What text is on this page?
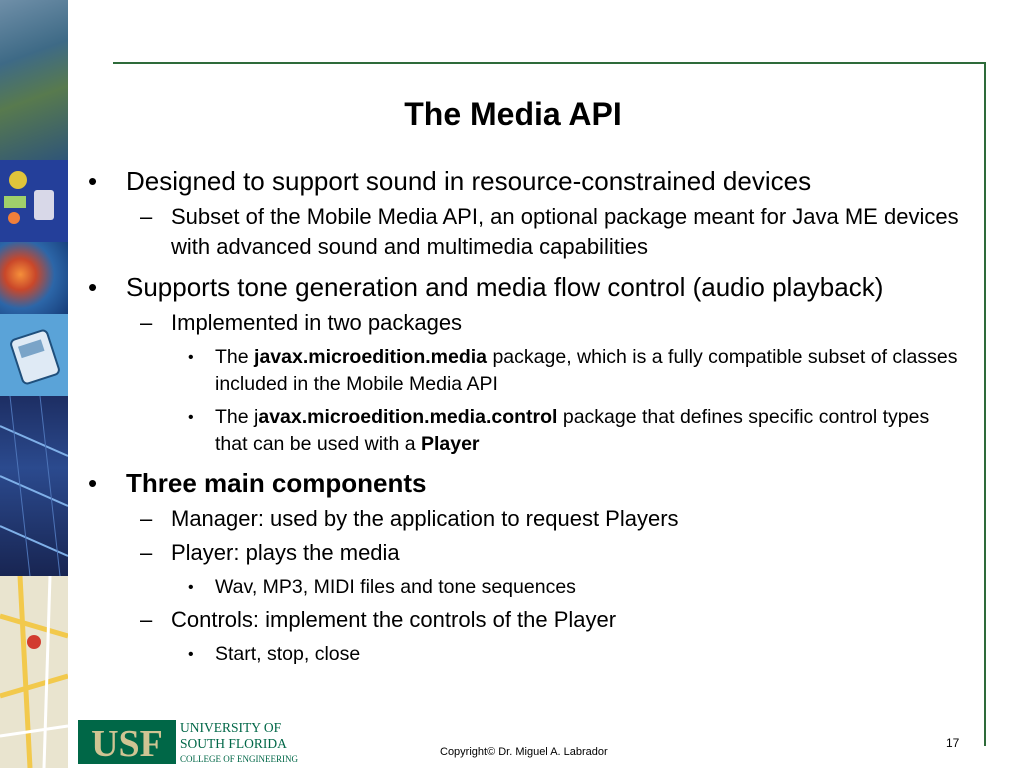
The Media API
• Designed to support sound in resource-constrained devices
– Subset of the Mobile Media API, an optional package meant for Java ME devices with advanced sound and multimedia capabilities
• Supports tone generation and media flow control (audio playback)
– Implemented in two packages
• The javax.microedition.media package, which is a fully compatible subset of classes included in the Mobile Media API
• The javax.microedition.media.control package that defines specific control types that can be used with a Player
• Three main components
– Manager: used by the application to request Players
– Player: plays the media
• Wav, MP3, MIDI files and tone sequences
– Controls: implement the controls of the Player
• Start, stop, close
USF UNIVERSITY OF
SOUTH FLORIDA
COLLEGE OF ENGINEERING
Copyright© Dr. Miguel A. Labrador
17
